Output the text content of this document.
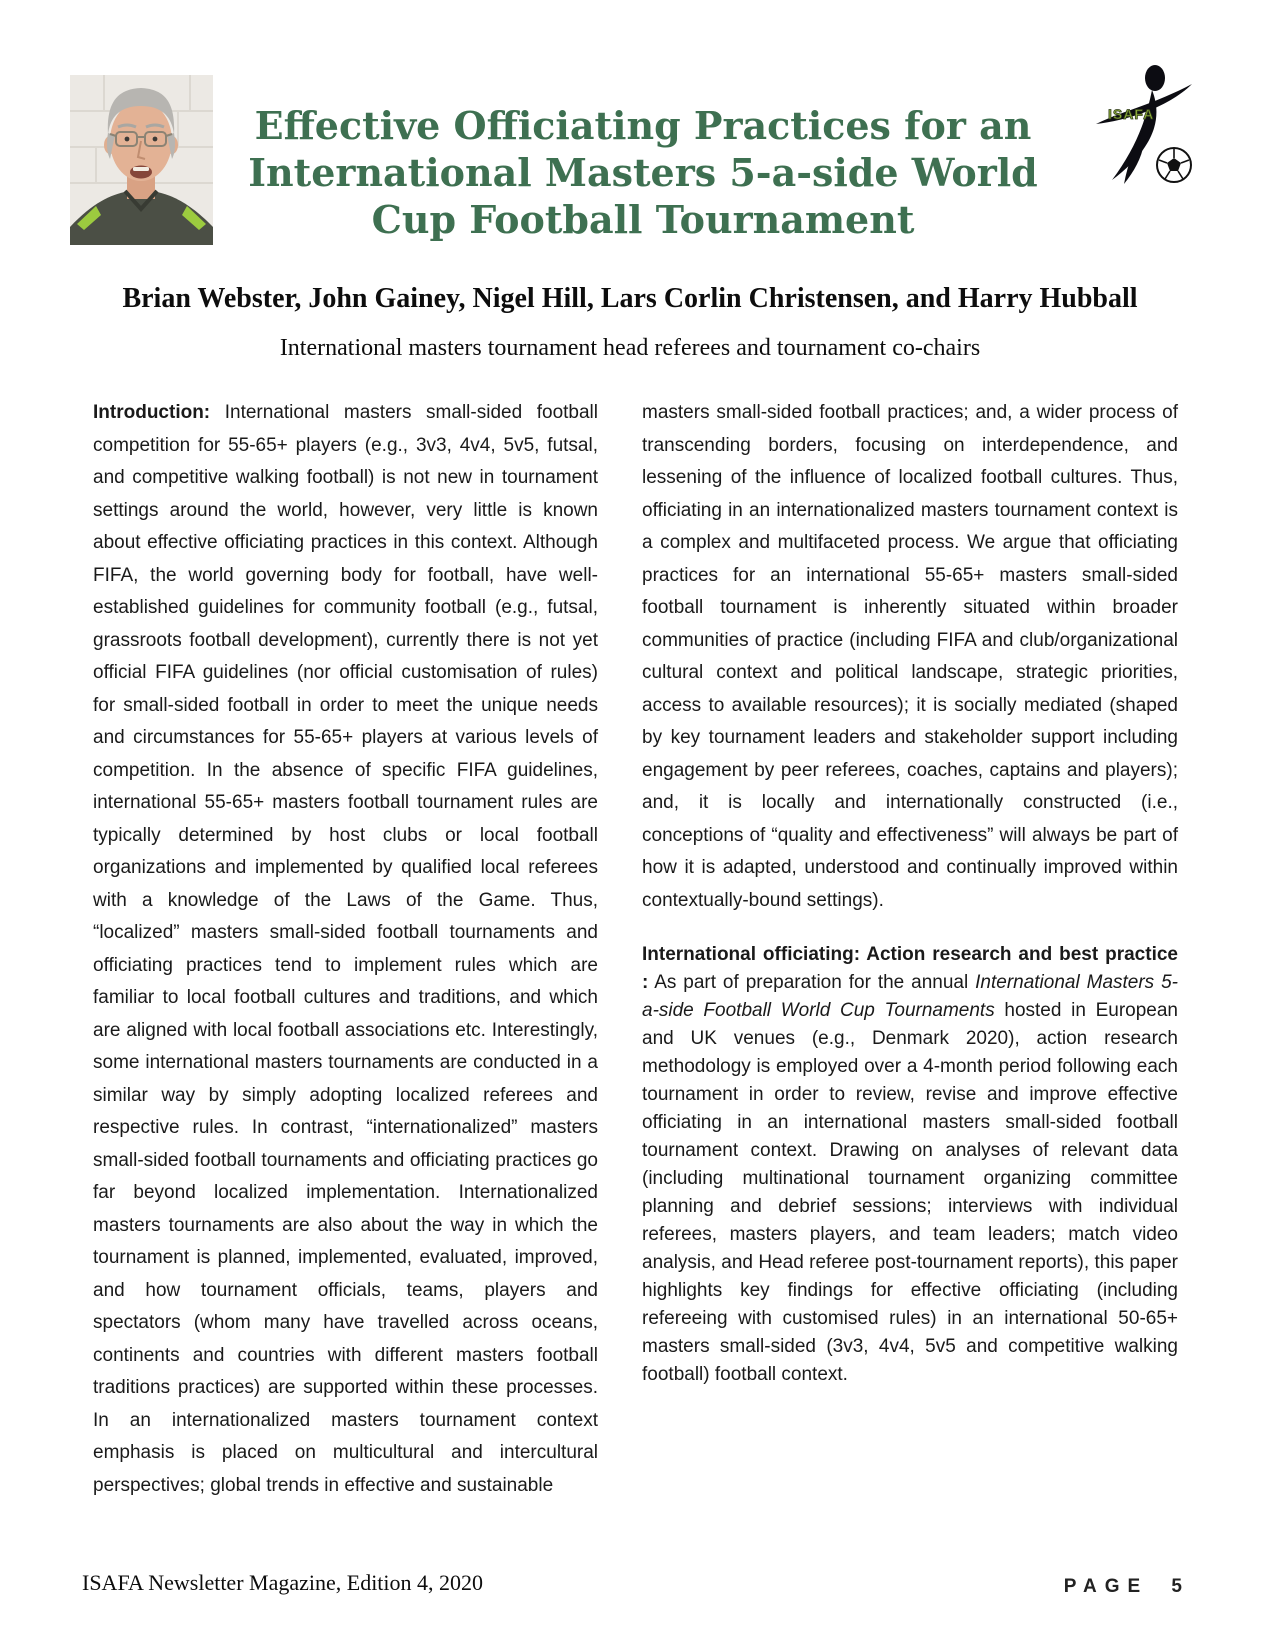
ISAFA
Effective Officiating Practices for an
International Masters 5-a-side World
Cup Football Tournament
Brian Webster, John Gainey, Nigel Hill, Lars Corlin Christensen, and Harry Hubball
International masters tournament head referees and tournament co-chairs

Introduction: International masters small-sided football competition for 55-65+ players (e.g., 3v3, 4v4, 5v5, futsal, and competitive walking football) is not new in tournament settings around the world, however, very little is known about effective officiating practices in this context. Although FIFA, the world governing body for football, have well-established guidelines for community football (e.g., futsal, grassroots football development), currently there is not yet official FIFA guidelines (nor official customisation of rules) for small-sided football in order to meet the unique needs and circumstances for 55-65+ players at various levels of competition. In the absence of specific FIFA guidelines, international 55-65+ masters football tournament rules are typically determined by host clubs or local football organizations and implemented by qualified local referees with a knowledge of the Laws of the Game. Thus, “localized” masters small-sided football tournaments and officiating practices tend to implement rules which are familiar to local football cultures and traditions, and which are aligned with local football associations etc. Interestingly, some international masters tournaments are conducted in a similar way by simply adopting localized referees and respective rules. In contrast, “internationalized” masters small-sided football tournaments and officiating practices go far beyond localized implementation. Internationalized masters tournaments are also about the way in which the tournament is planned, implemented, evaluated, improved, and how tournament officials, teams, players and spectators (whom many have travelled across oceans, continents and countries with different masters football traditions practices) are supported within these processes. In an internationalized masters tournament context emphasis is placed on multicultural and intercultural perspectives; global trends in effective and sustainable

masters small-sided football practices; and, a wider process of transcending borders, focusing on interdependence, and lessening of the influence of localized football cultures. Thus, officiating in an internationalized masters tournament context is a complex and multifaceted process. We argue that officiating practices for an international 55-65+ masters small-sided football tournament is inherently situated within broader communities of practice (including FIFA and club/organizational cultural context and political landscape, strategic priorities, access to available resources); it is socially mediated (shaped by key tournament leaders and stakeholder support including engagement by peer referees, coaches, captains and players); and, it is locally and internationally constructed (i.e., conceptions of “quality and effectiveness” will always be part of how it is adapted, understood and continually improved within contextually-bound settings).

International officiating: Action research and best practice : As part of preparation for the annual International Masters 5-a-side Football World Cup Tournaments hosted in European and UK venues (e.g., Denmark 2020), action research methodology is employed over a 4-month period following each tournament in order to review, revise and improve effective officiating in an international masters small-sided football tournament context. Drawing on analyses of relevant data (including multinational tournament organizing committee planning and debrief sessions; interviews with individual referees, masters players, and team leaders; match video analysis, and Head referee post-tournament reports), this paper highlights key findings for effective officiating (including refereeing with customised rules) in an international 50-65+ masters small-sided (3v3, 4v4, 5v5 and competitive walking football) football context.

ISAFA Newsletter Magazine, Edition 4, 2020	PAGE 5
